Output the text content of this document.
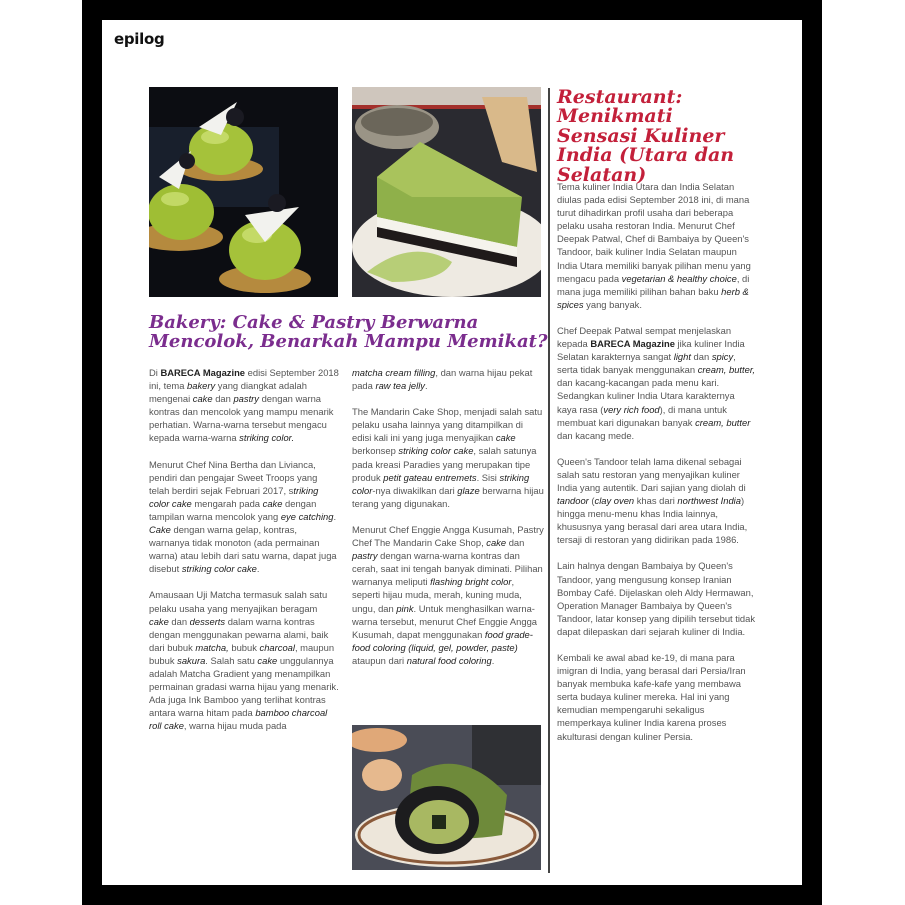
epilog
Bakery: Cake & Pastry Berwarna Mencolok, Benarkah Mampu Memikat?

Di BARECA Magazine edisi September 2018 ini, tema bakery yang diangkat adalah mengenai cake dan pastry dengan warna kontras dan mencolok yang mampu menarik perhatian. Warna-warna tersebut mengacu kepada warna-warna striking color.

Menurut Chef Nina Bertha dan Livianca, pendiri dan pengajar Sweet Troops yang telah berdiri sejak Februari 2017, striking color cake mengarah pada cake dengan tampilan warna mencolok yang eye catching. Cake dengan warna gelap, kontras, warnanya tidak monoton (ada permainan warna) atau lebih dari satu warna, dapat juga disebut striking color cake.

Amausaan Uji Matcha termasuk salah satu pelaku usaha yang menyajikan beragam cake dan desserts dalam warna kontras dengan menggunakan pewarna alami, baik dari bubuk matcha, bubuk charcoal, maupun bubuk sakura. Salah satu cake unggulannya adalah Matcha Gradient yang menampilkan permainan gradasi warna hijau yang menarik. Ada juga Ink Bamboo yang terlihat kontras antara warna hitam pada bamboo charcoal roll cake, warna hijau muda pada

matcha cream filling, dan warna hijau pekat pada raw tea jelly.

The Mandarin Cake Shop, menjadi salah satu pelaku usaha lainnya yang ditampilkan di edisi kali ini yang juga menyajikan cake berkonsep striking color cake, salah satunya pada kreasi Paradies yang merupakan tipe produk petit gateau entremets. Sisi striking color-nya diwakilkan dari glaze berwarna hijau terang yang digunakan.

Menurut Chef Enggie Angga Kusumah, Pastry Chef The Mandarin Cake Shop, cake dan pastry dengan warna-warna kontras dan cerah, saat ini tengah banyak diminati. Pilihan warnanya meliputi flashing bright color, seperti hijau muda, merah, kuning muda, ungu, dan pink. Untuk menghasilkan warna-warna tersebut, menurut Chef Enggie Angga Kusumah, dapat menggunakan food grade-food coloring (liquid, gel, powder, paste) ataupun dari natural food coloring.

Restaurant: Menikmati Sensasi Kuliner India (Utara dan Selatan)

Tema kuliner India Utara dan India Selatan diulas pada edisi September 2018 ini, di mana turut dihadirkan profil usaha dari beberapa pelaku usaha restoran India. Menurut Chef Deepak Patwal, Chef di Bambaiya by Queen's Tandoor, baik kuliner India Selatan maupun India Utara memiliki banyak pilihan menu yang mengacu pada vegetarian & healthy choice, di mana juga memiliki pilihan bahan baku herb & spices yang banyak.

Chef Deepak Patwal sempat menjelaskan kepada BARECA Magazine jika kuliner India Selatan karakternya sangat light dan spicy, serta tidak banyak menggunakan cream, butter, dan kacang-kacangan pada menu kari. Sedangkan kuliner India Utara karakternya kaya rasa (very rich food), di mana untuk membuat kari digunakan banyak cream, butter dan kacang mede.

Queen's Tandoor telah lama dikenal sebagai salah satu restoran yang menyajikan kuliner India yang autentik. Dari sajian yang diolah di tandoor (clay oven khas dari northwest India) hingga menu-menu khas India lainnya, khususnya yang berasal dari area utara India, tersaji di restoran yang didirikan pada 1986.

Lain halnya dengan Bambaiya by Queen's Tandoor, yang mengusung konsep Iranian Bombay Café. Dijelaskan oleh Aldy Hermawan, Operation Manager Bambaiya by Queen's Tandoor, latar konsep yang dipilih tersebut tidak dapat dilepaskan dari sejarah kuliner di India.

Kembali ke awal abad ke-19, di mana para imigran di India, yang berasal dari Persia/Iran banyak membuka kafe-kafe yang membawa serta budaya kuliner mereka. Hal ini yang kemudian mempengaruhi sekaligus memperkaya kuliner India karena proses akulturasi dengan kuliner Persia.
